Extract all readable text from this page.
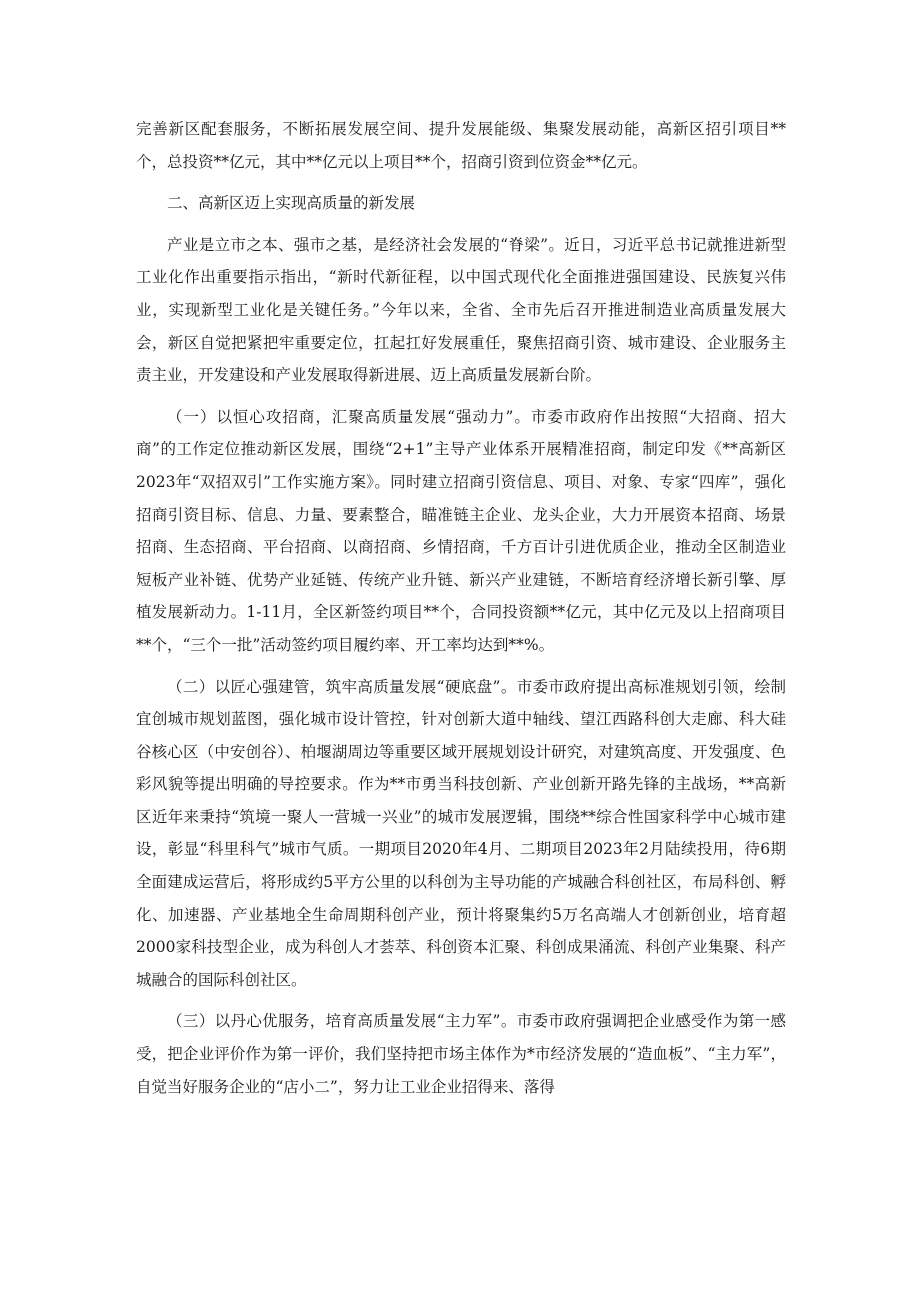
完善新区配套服务，不断拓展发展空间、提升发展能级、集聚发展动能，高新区招引项目**个，总投资**亿元，其中**亿元以上项目**个，招商引资到位资金**亿元。

二、高新区迈上实现高质量的新发展

产业是立市之本、强市之基，是经济社会发展的“脊梁”。近日，习近平总书记就推进新型工业化作出重要指示指出，“新时代新征程，以中国式现代化全面推进强国建设、民族复兴伟业，实现新型工业化是关键任务。”今年以来，全省、全市先后召开推进制造业高质量发展大会，新区自觉把紧把牢重要定位，扛起扛好发展重任，聚焦招商引资、城市建设、企业服务主责主业，开发建设和产业发展取得新进展、迈上高质量发展新台阶。

（一）以恒心攻招商，汇聚高质量发展“强动力”。市委市政府作出按照“大招商、招大商”的工作定位推动新区发展，围绕“2+1”主导产业体系开展精准招商，制定印发《**高新区2023年“双招双引”工作实施方案》。同时建立招商引资信息、项目、对象、专家“四库”，强化招商引资目标、信息、力量、要素整合，瞄准链主企业、龙头企业，大力开展资本招商、场景招商、生态招商、平台招商、以商招商、乡情招商，千方百计引进优质企业，推动全区制造业短板产业补链、优势产业延链、传统产业升链、新兴产业建链，不断培育经济增长新引擎、厚植发展新动力。1-11月，全区新签约项目**个，合同投资额**亿元，其中亿元及以上招商项目**个，“三个一批”活动签约项目履约率、开工率均达到**%。

（二）以匠心强建管，筑牢高质量发展“硬底盘”。市委市政府提出高标准规划引领，绘制宜创城市规划蓝图，强化城市设计管控，针对创新大道中轴线、望江西路科创大走廊、科大硅谷核心区（中安创谷）、柏堰湖周边等重要区域开展规划设计研究，对建筑高度、开发强度、色彩风貌等提出明确的导控要求。作为**市勇当科技创新、产业创新开路先锋的主战场，**高新区近年来秉持“筑境一聚人一营城一兴业”的城市发展逻辑，围绕**综合性国家科学中心城市建设，彰显“科里科气”城市气质。一期项目2020年4月、二期项目2023年2月陆续投用，待6期全面建成运营后，将形成约5平方公里的以科创为主导功能的产城融合科创社区，布局科创、孵化、加速器、产业基地全生命周期科创产业，预计将聚集约5万名高端人才创新创业，培育超2000家科技型企业，成为科创人才荟萃、科创资本汇聚、科创成果涌流、科创产业集聚、科产城融合的国际科创社区。

（三）以丹心优服务，培育高质量发展“主力军”。市委市政府强调把企业感受作为第一感受，把企业评价作为第一评价，我们坚持把市场主体作为*市经济发展的“造血板”、“主力军”，自觉当好服务企业的“店小二”，努力让工业企业招得来、落得
